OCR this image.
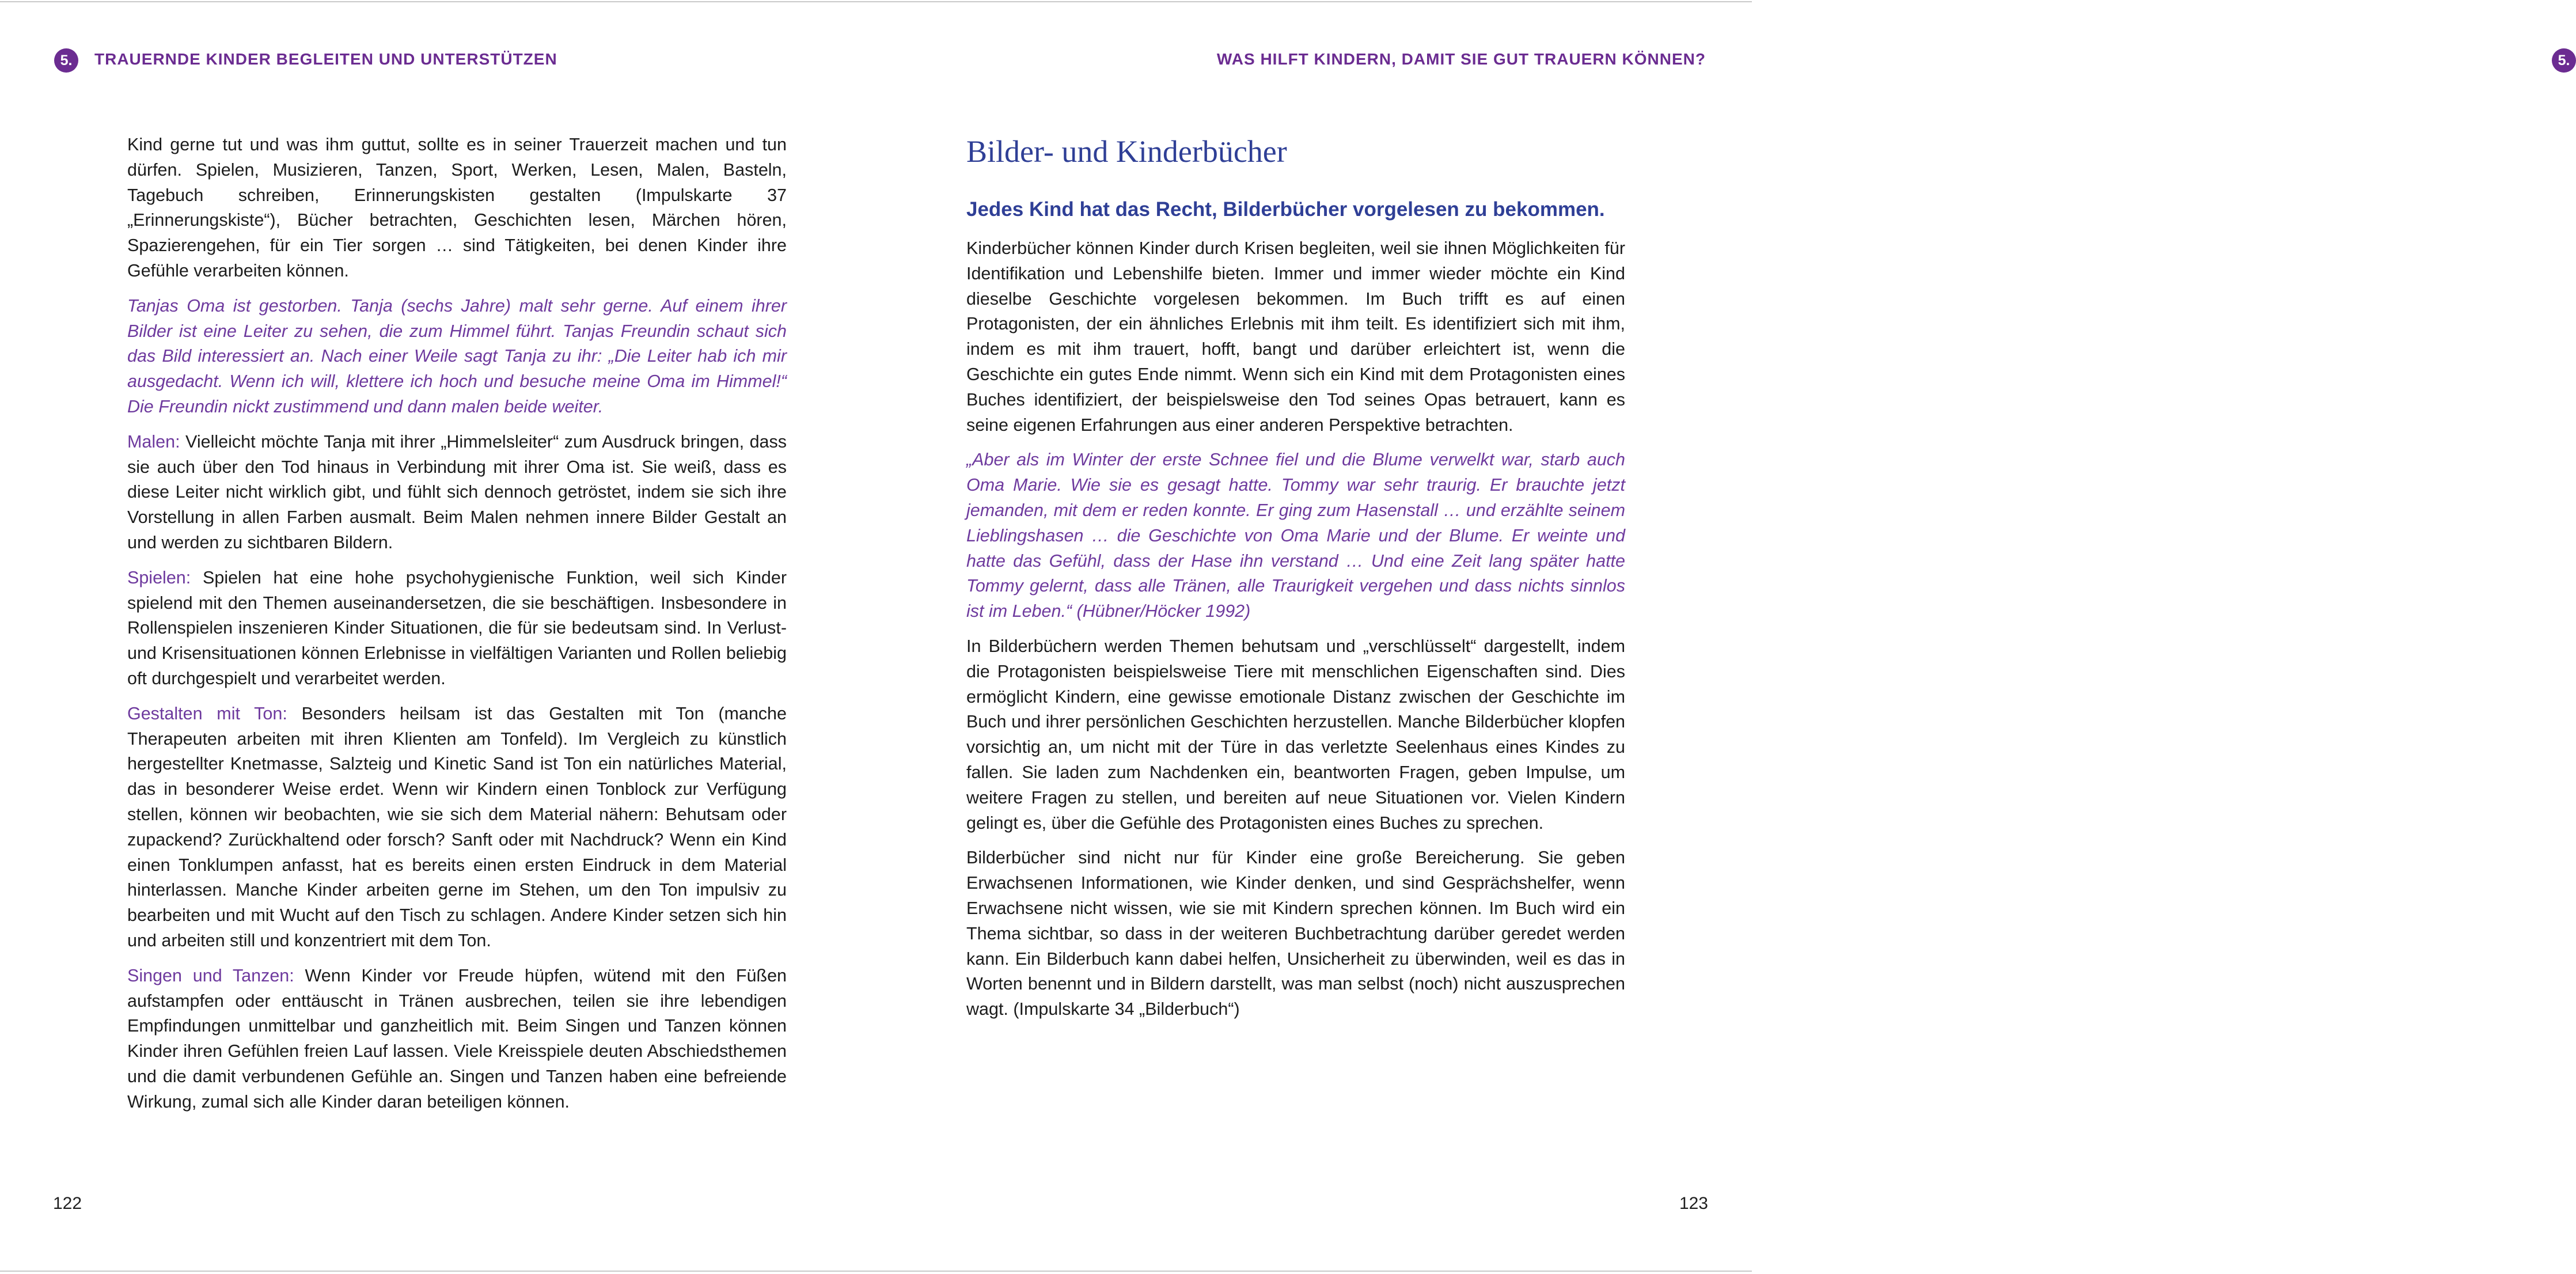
5.	TRAUERNDE KINDER BEGLEITEN UND UNTERSTÜTZEN

Kind gerne tut und was ihm guttut, sollte es in seiner Trauerzeit machen und tun dürfen. Spielen, Musizieren, Tanzen, Sport, Werken, Lesen, Malen, Basteln, Tagebuch schreiben, Erinnerungskisten gestalten (Impulskarte 37 „Erinnerungskiste“), Bücher betrachten, Geschichten lesen, Märchen hören, Spazierengehen, für ein Tier sorgen … sind Tätigkeiten, bei denen Kinder ihre Gefühle verarbeiten können.

Tanjas Oma ist gestorben. Tanja (sechs Jahre) malt sehr gerne. Auf einem ihrer Bilder ist eine Leiter zu sehen, die zum Himmel führt. Tanjas Freundin schaut sich das Bild interessiert an. Nach einer Weile sagt Tanja zu ihr: „Die Leiter hab ich mir ausgedacht. Wenn ich will, klettere ich hoch und besuche meine Oma im Himmel!“ Die Freundin nickt zustimmend und dann malen beide weiter.

Malen: Vielleicht möchte Tanja mit ihrer „Himmelsleiter“ zum Ausdruck bringen, dass sie auch über den Tod hinaus in Verbindung mit ihrer Oma ist. Sie weiß, dass es diese Leiter nicht wirklich gibt, und fühlt sich dennoch getröstet, indem sie sich ihre Vorstellung in allen Farben ausmalt. Beim Malen nehmen innere Bilder Gestalt an und werden zu sichtbaren Bildern.

Spielen: Spielen hat eine hohe psychohygienische Funktion, weil sich Kinder spielend mit den Themen auseinandersetzen, die sie beschäftigen. Insbesondere in Rollenspielen inszenieren Kinder Situationen, die für sie bedeutsam sind. In Verlust- und Krisensituationen können Erlebnisse in vielfältigen Varianten und Rollen beliebig oft durchgespielt und verarbeitet werden.

Gestalten mit Ton: Besonders heilsam ist das Gestalten mit Ton (manche Therapeuten arbeiten mit ihren Klienten am Tonfeld). Im Vergleich zu künstlich hergestellter Knetmasse, Salzteig und Kinetic Sand ist Ton ein natürliches Material, das in besonderer Weise erdet. Wenn wir Kindern einen Tonblock zur Verfügung stellen, können wir beobachten, wie sie sich dem Material nähern: Behutsam oder zupackend? Zurückhaltend oder forsch? Sanft oder mit Nachdruck? Wenn ein Kind einen Tonklumpen anfasst, hat es bereits einen ersten Eindruck in dem Material hinterlassen. Manche Kinder arbeiten gerne im Stehen, um den Ton impulsiv zu bearbeiten und mit Wucht auf den Tisch zu schlagen. Andere Kinder setzen sich hin und arbeiten still und konzentriert mit dem Ton.

Singen und Tanzen: Wenn Kinder vor Freude hüpfen, wütend mit den Füßen aufstampfen oder enttäuscht in Tränen ausbrechen, teilen sie ihre lebendigen Empfindungen unmittelbar und ganzheitlich mit. Beim Singen und Tanzen können Kinder ihren Gefühlen freien Lauf lassen. Viele Kreisspiele deuten Abschiedsthemen und die damit verbundenen Gefühle an. Singen und Tanzen haben eine befreiende Wirkung, zumal sich alle Kinder daran beteiligen können.

122
WAS HILFT KINDERN, DAMIT SIE GUT TRAUERN KÖNNEN?	5.
Bilder- und Kinderbücher
Jedes Kind hat das Recht, Bilderbücher vorgelesen zu bekommen.

Kinderbücher können Kinder durch Krisen begleiten, weil sie ihnen Möglichkeiten für Identifikation und Lebenshilfe bieten. Immer und immer wieder möchte ein Kind dieselbe Geschichte vorgelesen bekommen. Im Buch trifft es auf einen Protagonisten, der ein ähnliches Erlebnis mit ihm teilt. Es identifiziert sich mit ihm, indem es mit ihm trauert, hofft, bangt und darüber erleichtert ist, wenn die Geschichte ein gutes Ende nimmt. Wenn sich ein Kind mit dem Protagonisten eines Buches identifiziert, der beispielsweise den Tod seines Opas betrauert, kann es seine eigenen Erfahrungen aus einer anderen Perspektive betrachten.

„Aber als im Winter der erste Schnee fiel und die Blume verwelkt war, starb auch Oma Marie. Wie sie es gesagt hatte. Tommy war sehr traurig. Er brauchte jetzt jemanden, mit dem er reden konnte. Er ging zum Hasenstall … und erzählte seinem Lieblingshasen … die Geschichte von Oma Marie und der Blume. Er weinte und hatte das Gefühl, dass der Hase ihn verstand … Und eine Zeit lang später hatte Tommy gelernt, dass alle Tränen, alle Traurigkeit vergehen und dass nichts sinnlos ist im Leben.“ (Hübner/Höcker 1992)

In Bilderbüchern werden Themen behutsam und „verschlüsselt“ dargestellt, indem die Protagonisten beispielsweise Tiere mit menschlichen Eigenschaften sind. Dies ermöglicht Kindern, eine gewisse emotionale Distanz zwischen der Geschichte im Buch und ihrer persönlichen Geschichten herzustellen. Manche Bilderbücher klopfen vorsichtig an, um nicht mit der Türe in das verletzte Seelenhaus eines Kindes zu fallen. Sie laden zum Nachdenken ein, beantworten Fragen, geben Impulse, um weitere Fragen zu stellen, und bereiten auf neue Situationen vor. Vielen Kindern gelingt es, über die Gefühle des Protagonisten eines Buches zu sprechen.

Bilderbücher sind nicht nur für Kinder eine große Bereicherung. Sie geben Erwachsenen Informationen, wie Kinder denken, und sind Gesprächshelfer, wenn Erwachsene nicht wissen, wie sie mit Kindern sprechen können. Im Buch wird ein Thema sichtbar, so dass in der weiteren Buchbetrachtung darüber geredet werden kann. Ein Bilderbuch kann dabei helfen, Unsicherheit zu überwinden, weil es das in Worten benennt und in Bildern darstellt, was man selbst (noch) nicht auszusprechen wagt. (Impulskarte 34 „Bilderbuch“)

123
